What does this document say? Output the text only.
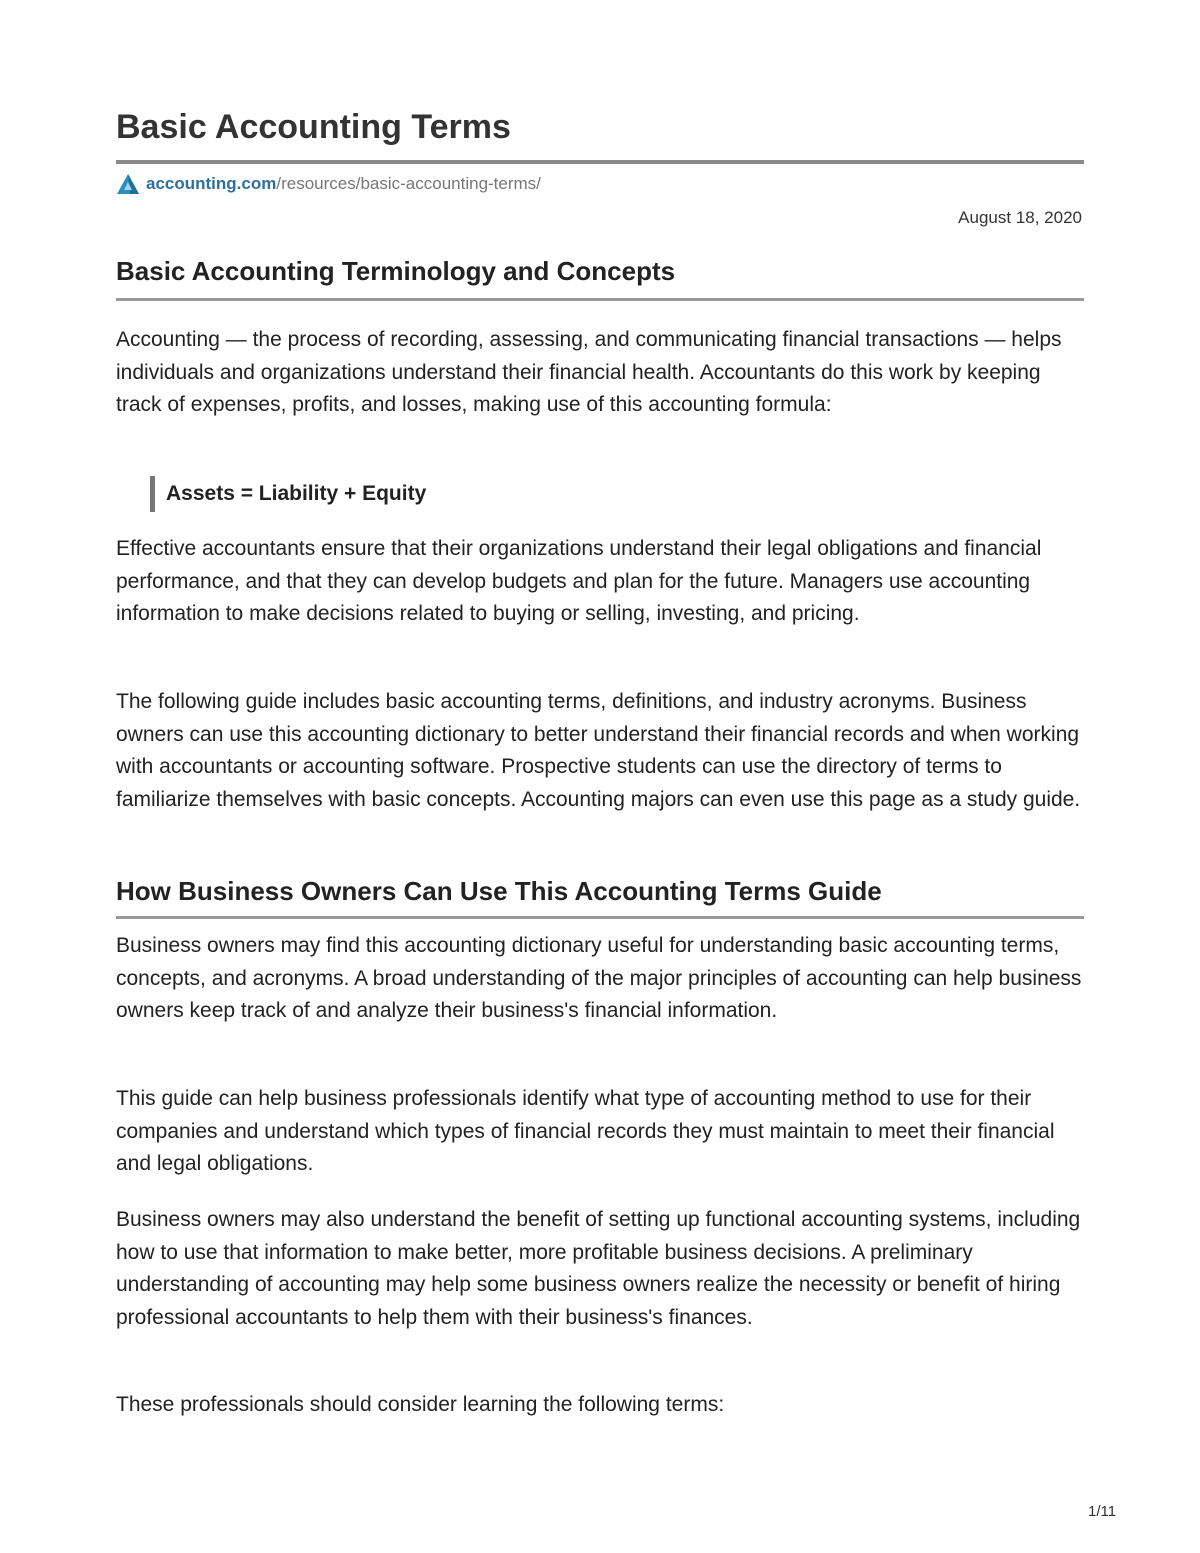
Basic Accounting Terms
accounting.com /resources/basic-accounting-terms/
August 18, 2020
Basic Accounting Terminology and Concepts

Accounting — the process of recording, assessing, and communicating financial transactions — helps individuals and organizations understand their financial health. Accountants do this work by keeping track of expenses, profits, and losses, making use of this accounting formula:

Assets = Liability + Equity

Effective accountants ensure that their organizations understand their legal obligations and financial performance, and that they can develop budgets and plan for the future. Managers use accounting information to make decisions related to buying or selling, investing, and pricing.

The following guide includes basic accounting terms, definitions, and industry acronyms. Business owners can use this accounting dictionary to better understand their financial records and when working with accountants or accounting software. Prospective students can use the directory of terms to familiarize themselves with basic concepts. Accounting majors can even use this page as a study guide.

How Business Owners Can Use This Accounting Terms Guide

Business owners may find this accounting dictionary useful for understanding basic accounting terms, concepts, and acronyms. A broad understanding of the major principles of accounting can help business owners keep track of and analyze their business's financial information.

This guide can help business professionals identify what type of accounting method to use for their companies and understand which types of financial records they must maintain to meet their financial and legal obligations.

Business owners may also understand the benefit of setting up functional accounting systems, including how to use that information to make better, more profitable business decisions. A preliminary understanding of accounting may help some business owners realize the necessity or benefit of hiring professional accountants to help them with their business's finances.

These professionals should consider learning the following terms:

1/11
